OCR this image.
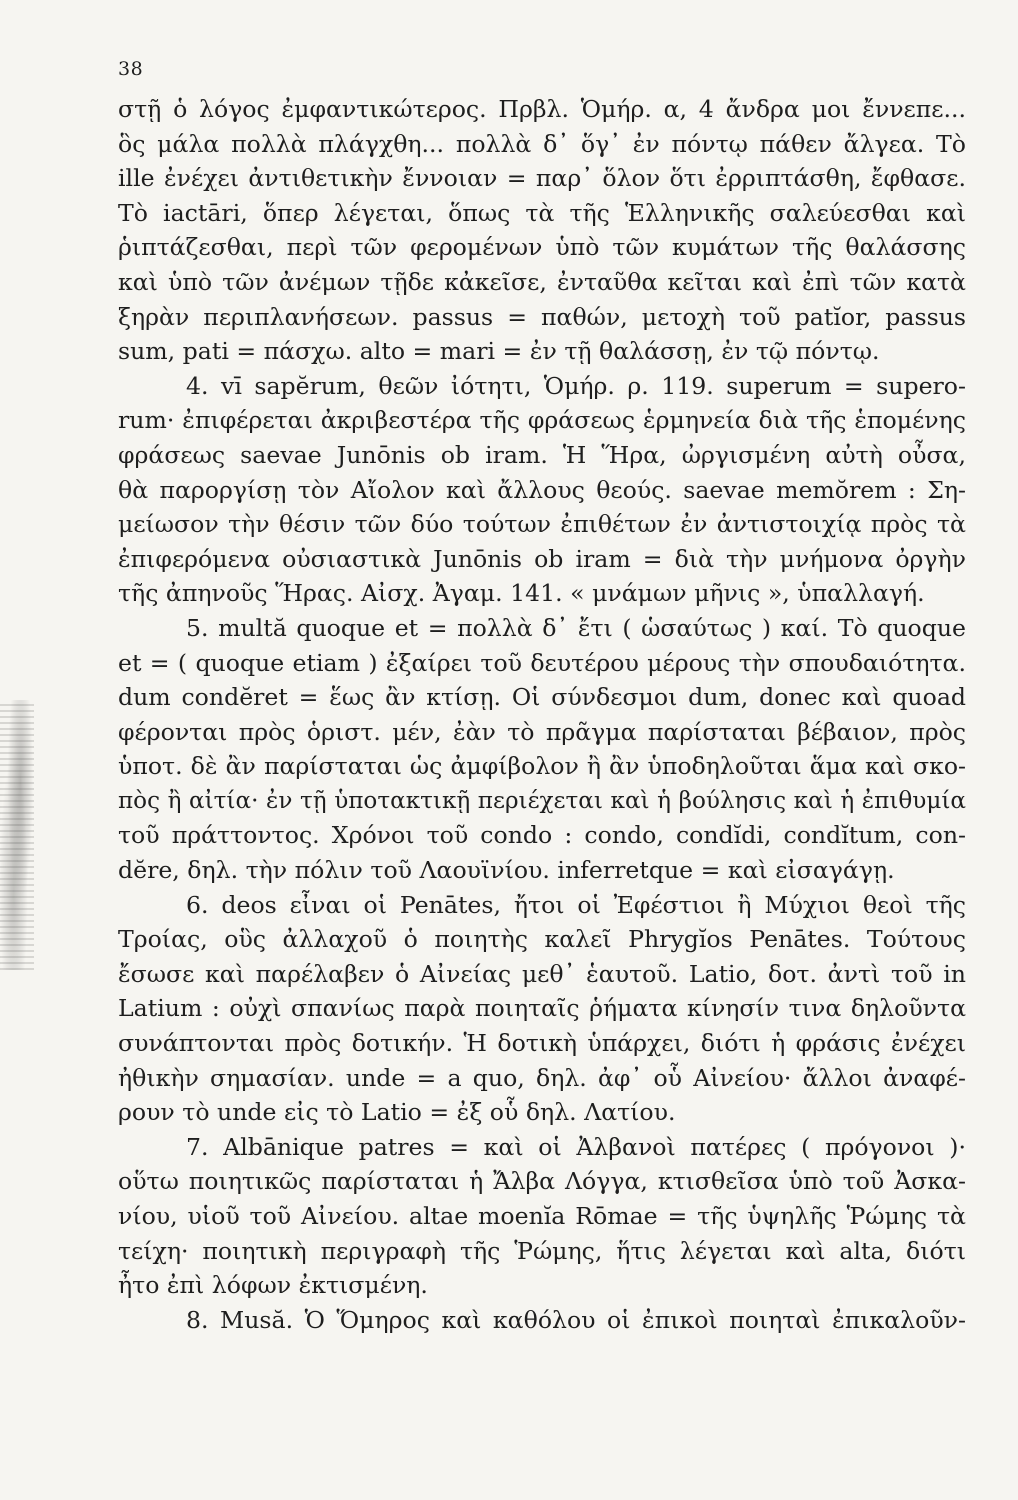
38
στῇ ὁ λόγος ἐμφαντικώτερος. Πρβλ. Ὁμήρ. α, 4 ἄνδρα μοι ἔννεπε...
ὃς μάλα πολλὰ πλάγχθη... πολλὰ δ᾽ ὅγ᾽ ἐν πόντῳ πάθεν ἄλγεα. Τὸ
ille ἐνέχει ἀντιθετικὴν ἔννοιαν = παρ᾽ ὅλον ὅτι ἐρριπτάσθη, ἔφθασε.
Τὸ iactāri, ὅπερ λέγεται, ὅπως τὰ τῆς Ἑλληνικῆς σαλεύεσθαι καὶ
ῥιπτάζεσθαι, περὶ τῶν φερομένων ὑπὸ τῶν κυμάτων τῆς θαλάσσης
καὶ ὑπὸ τῶν ἀνέμων τῇδε κἀκεῖσε, ἐνταῦθα κεῖται καὶ ἐπὶ τῶν κατὰ
ξηρὰν περιπλανήσεων. passus = παθών, μετοχὴ τοῦ patĭor, passus
sum, pati = πάσχω. alto = mari = ἐν τῇ θαλάσσῃ, ἐν τῷ πόντῳ.
4. vī sapĕrum, θεῶν ἰότητι, Ὁμήρ. ρ. 119. superum = supero-
rum· ἐπιφέρεται ἀκριβεστέρα τῆς φράσεως ἑρμηνεία διὰ τῆς ἑπομένης
φράσεως saevae Junōnis ob iram. Ἡ Ἥρα, ὠργισμένη αὐτὴ οὖσα,
θὰ παροργίσῃ τὸν Αἴολον καὶ ἄλλους θεούς. saevae memŏrem : Ση-
μείωσον τὴν θέσιν τῶν δύο τούτων ἐπιθέτων ἐν ἀντιστοιχίᾳ πρὸς τὰ
ἐπιφερόμενα οὐσιαστικὰ Junōnis ob iram = διὰ τὴν μνήμονα ὀργὴν
τῆς ἀπηνοῦς Ἥρας. Αἰσχ. Ἀγαμ. 141. « μνάμων μῆνις », ὑπαλλαγή.
5. multă quoque et = πολλὰ δ᾽ ἔτι ( ὡσαύτως ) καί. Τὸ quoque
et = ( quoque etiam ) ἐξαίρει τοῦ δευτέρου μέρους τὴν σπουδαιότητα.
dum condĕret = ἕως ἂν κτίσῃ. Οἱ σύνδεσμοι dum, donec καὶ quoad
φέρονται πρὸς ὁριστ. μέν, ἐὰν τὸ πρᾶγμα παρίσταται βέβαιον, πρὸς
ὑποτ. δὲ ἂν παρίσταται ὡς ἀμφίβολον ἢ ἂν ὑποδηλοῦται ἅμα καὶ σκο-
πὸς ἢ αἰτία· ἐν τῇ ὑποτακτικῇ περιέχεται καὶ ἡ βούλησις καὶ ἡ ἐπιθυμία
τοῦ πράττοντος. Χρόνοι τοῦ condo : condo, condĭdi, condĭtum, con-
dĕre, δηλ. τὴν πόλιν τοῦ Λαουϊνίου. inferretque = καὶ εἰσαγάγῃ.
6. deos εἶναι οἱ Penātes, ἤτοι οἱ Ἐφέστιοι ἢ Μύχιοι θεοὶ τῆς
Τροίας, οὓς ἀλλαχοῦ ὁ ποιητὴς καλεῖ Phrygĭos Penātes. Τούτους
ἔσωσε καὶ παρέλαβεν ὁ Αἰνείας μεθ᾽ ἑαυτοῦ. Latio, δοτ. ἀντὶ τοῦ in
Latium : οὐχὶ σπανίως παρὰ ποιηταῖς ῥήματα κίνησίν τινα δηλοῦντα
συνάπτονται πρὸς δοτικήν. Ἡ δοτικὴ ὑπάρχει, διότι ἡ φράσις ἐνέχει
ἠθικὴν σημασίαν. unde = a quo, δηλ. ἀφ᾽ οὗ Αἰνείου· ἄλλοι ἀναφέ-
ρουν τὸ unde εἰς τὸ Latio = ἐξ οὗ δηλ. Λατίου.
7. Albānique patres = καὶ οἱ Ἀλβανοὶ πατέρες ( πρόγονοι )·
οὕτω ποιητικῶς παρίσταται ἡ Ἄλβα Λόγγα, κτισθεῖσα ὑπὸ τοῦ Ἀσκα-
νίου, υἱοῦ τοῦ Αἰνείου. altae moenĭa Rōmae = τῆς ὑψηλῆς Ῥώμης τὰ
τείχη· ποιητικὴ περιγραφὴ τῆς Ῥώμης, ἥτις λέγεται καὶ alta, διότι
ἦτο ἐπὶ λόφων ἐκτισμένη.
8. Musă. Ὁ Ὅμηρος καὶ καθόλου οἱ ἐπικοὶ ποιηταὶ ἐπικαλοῦν-
